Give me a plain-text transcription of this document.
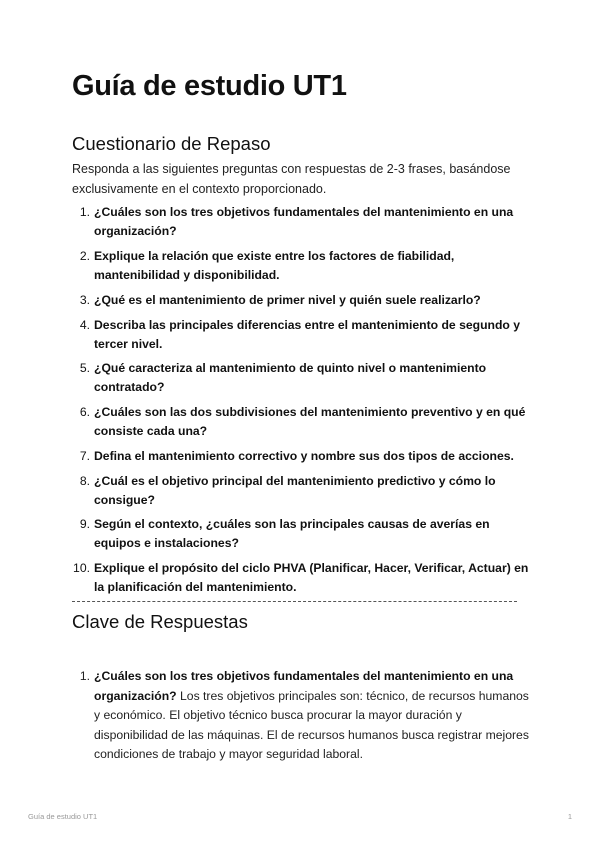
Guía de estudio UT1
Cuestionario de Repaso

Responda a las siguientes preguntas con respuestas de 2-3 frases, basándose exclusivamente en el contexto proporcionado.

1. ¿Cuáles son los tres objetivos fundamentales del mantenimiento en una organización?
2. Explique la relación que existe entre los factores de fiabilidad, mantenibilidad y disponibilidad.
3. ¿Qué es el mantenimiento de primer nivel y quién suele realizarlo?
4. Describa las principales diferencias entre el mantenimiento de segundo y tercer nivel.
5. ¿Qué caracteriza al mantenimiento de quinto nivel o mantenimiento contratado?
6. ¿Cuáles son las dos subdivisiones del mantenimiento preventivo y en qué consiste cada una?
7. Defina el mantenimiento correctivo y nombre sus dos tipos de acciones.
8. ¿Cuál es el objetivo principal del mantenimiento predictivo y cómo lo consigue?
9. Según el contexto, ¿cuáles son las principales causas de averías en equipos e instalaciones?
10. Explique el propósito del ciclo PHVA (Planificar, Hacer, Verificar, Actuar) en la planificación del mantenimiento.
Clave de Respuestas
1. ¿Cuáles son los tres objetivos fundamentales del mantenimiento en una organización? Los tres objetivos principales son: técnico, de recursos humanos y económico. El objetivo técnico busca procurar la mayor duración y disponibilidad de las máquinas. El de recursos humanos busca registrar mejores condiciones de trabajo y mayor seguridad laboral.
Guía de estudio UT1	1
